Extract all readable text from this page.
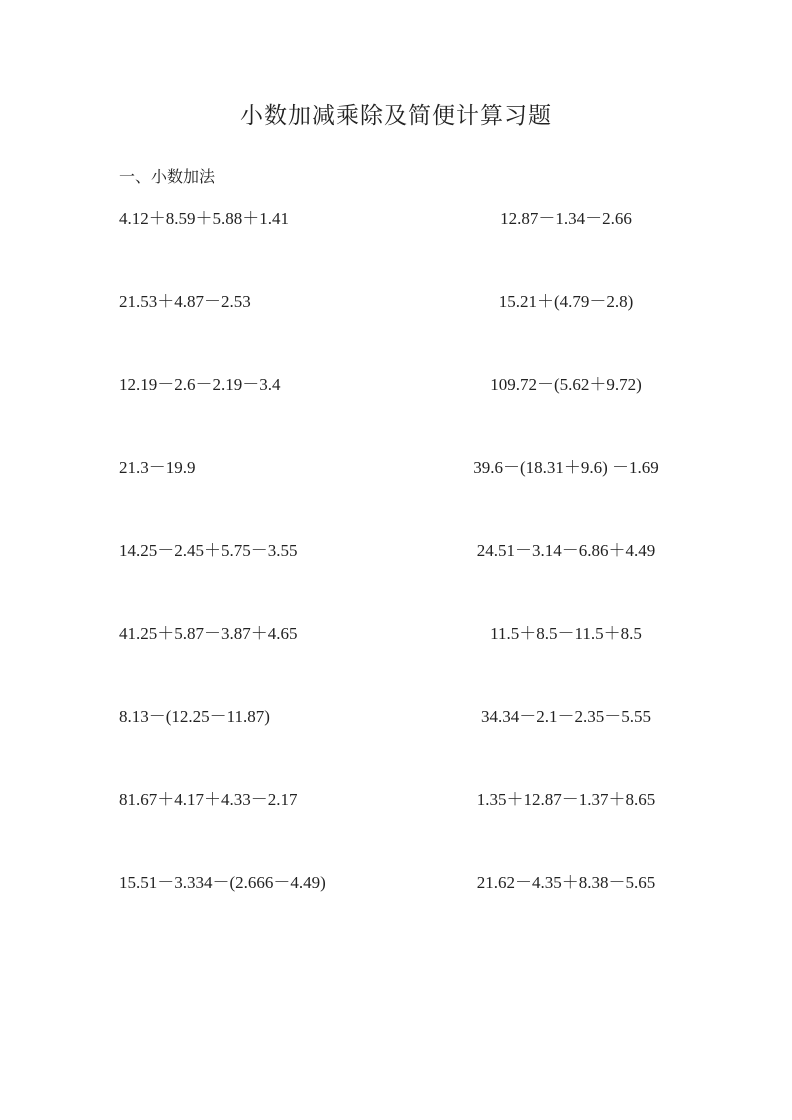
小数加减乘除及简便计算习题
一、小数加法
4.12＋8.59＋5.88＋1.41
21.53＋4.87－2.53
12.19－2.6－2.19－3.4
21.3－19.9
14.25－2.45＋5.75－3.55
41.25＋5.87－3.87＋4.65
8.13－(12.25－11.87)
81.67＋4.17＋4.33－2.17
15.51－3.334－(2.666－4.49)
12.87－1.34－2.66
15.21＋(4.79－2.8)
109.72－(5.62＋9.72)
39.6－(18.31＋9.6) －1.69
24.51－3.14－6.86＋4.49
11.5＋8.5－11.5＋8.5
34.34－2.1－2.35－5.55
1.35＋12.87－1.37＋8.65
21.62－4.35＋8.38－5.65
